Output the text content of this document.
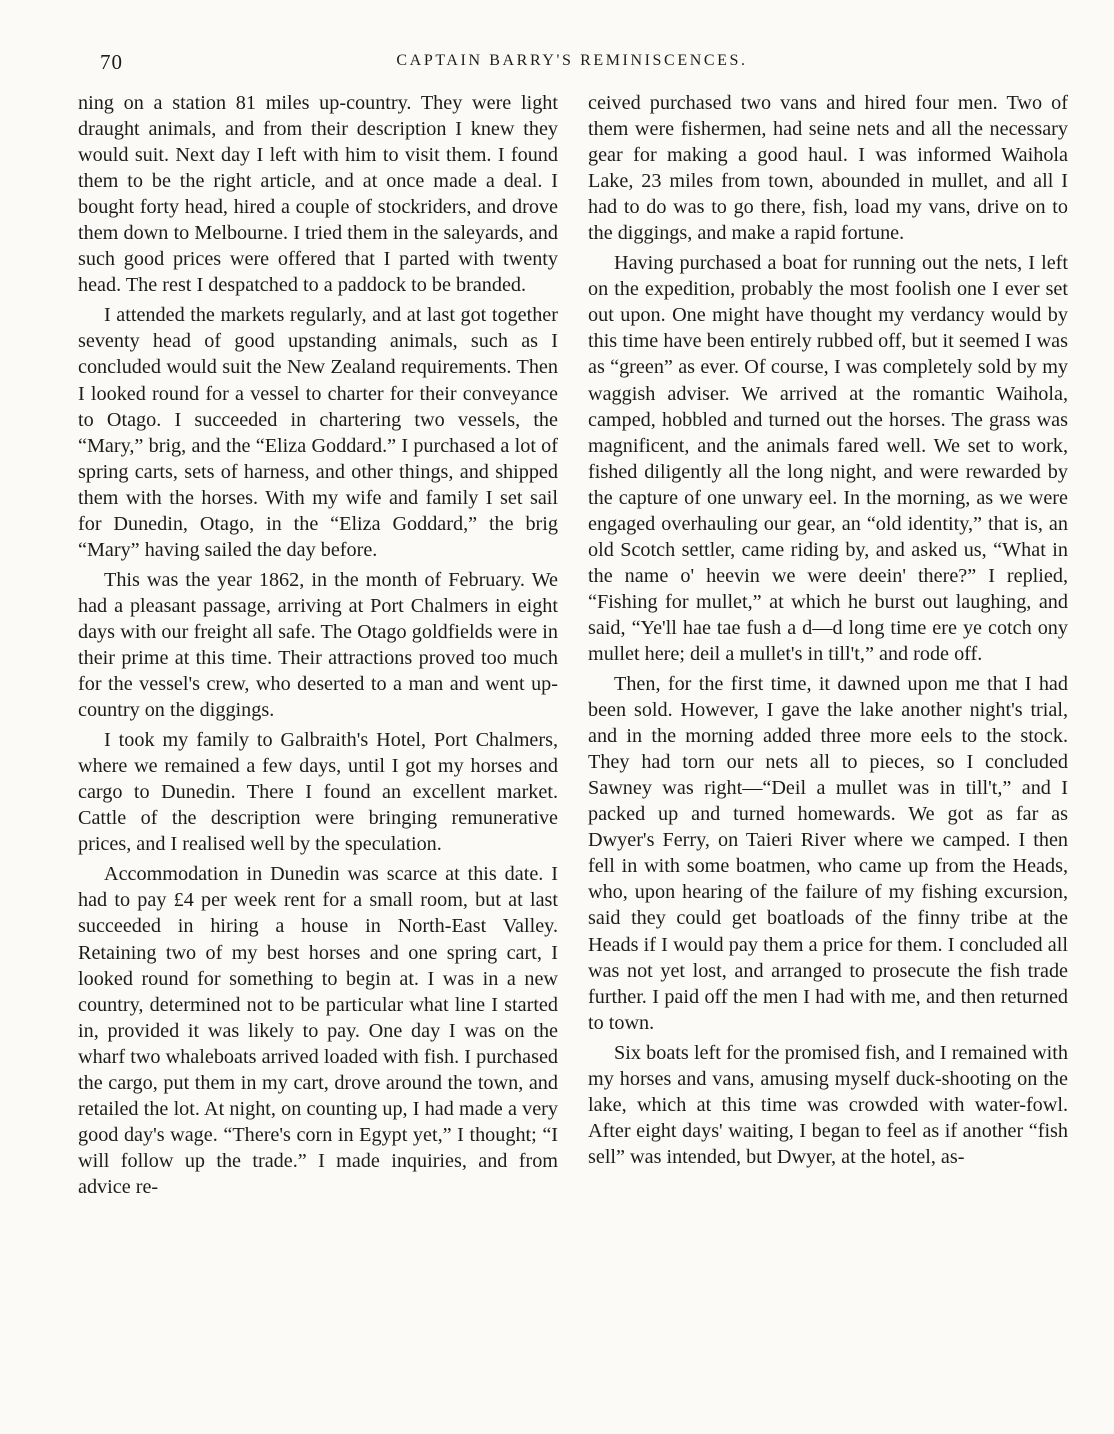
70	CAPTAIN BARRY'S REMINISCENCES.

ning on a station 81 miles up-country. They were light draught animals, and from their description I knew they would suit. Next day I left with him to visit them. I found them to be the right article, and at once made a deal. I bought forty head, hired a couple of stockriders, and drove them down to Melbourne. I tried them in the saleyards, and such good prices were offered that I parted with twenty head. The rest I despatched to a paddock to be branded.

I attended the markets regularly, and at last got together seventy head of good upstanding animals, such as I concluded would suit the New Zealand requirements. Then I looked round for a vessel to charter for their conveyance to Otago. I succeeded in chartering two vessels, the “Mary,” brig, and the “Eliza Goddard.” I purchased a lot of spring carts, sets of harness, and other things, and shipped them with the horses. With my wife and family I set sail for Dunedin, Otago, in the “Eliza Goddard,” the brig “Mary” having sailed the day before.

This was the year 1862, in the month of February. We had a pleasant passage, arriving at Port Chalmers in eight days with our freight all safe. The Otago goldfields were in their prime at this time. Their attractions proved too much for the vessel's crew, who deserted to a man and went up-country on the diggings.

I took my family to Galbraith's Hotel, Port Chalmers, where we remained a few days, until I got my horses and cargo to Dunedin. There I found an excellent market. Cattle of the description were bringing remunerative prices, and I realised well by the speculation.

Accommodation in Dunedin was scarce at this date. I had to pay £4 per week rent for a small room, but at last succeeded in hiring a house in North-East Valley. Retaining two of my best horses and one spring cart, I looked round for something to begin at. I was in a new country, determined not to be particular what line I started in, provided it was likely to pay. One day I was on the wharf two whaleboats arrived loaded with fish. I purchased the cargo, put them in my cart, drove around the town, and retailed the lot. At night, on counting up, I had made a very good day's wage. “There's corn in Egypt yet,” I thought; “I will follow up the trade.” I made inquiries, and from advice re-

ceived purchased two vans and hired four men. Two of them were fishermen, had seine nets and all the necessary gear for making a good haul. I was informed Waihola Lake, 23 miles from town, abounded in mullet, and all I had to do was to go there, fish, load my vans, drive on to the diggings, and make a rapid fortune.

Having purchased a boat for running out the nets, I left on the expedition, probably the most foolish one I ever set out upon. One might have thought my verdancy would by this time have been entirely rubbed off, but it seemed I was as “green” as ever. Of course, I was completely sold by my waggish adviser. We arrived at the romantic Waihola, camped, hobbled and turned out the horses. The grass was magnificent, and the animals fared well. We set to work, fished diligently all the long night, and were rewarded by the capture of one unwary eel. In the morning, as we were engaged overhauling our gear, an “old identity,” that is, an old Scotch settler, came riding by, and asked us, “What in the name o' heevin we were deein' there?” I replied, “Fishing for mullet,” at which he burst out laughing, and said, “Ye'll hae tae fush a d—d long time ere ye cotch ony mullet here; deil a mullet's in till't,” and rode off.

Then, for the first time, it dawned upon me that I had been sold. However, I gave the lake another night's trial, and in the morning added three more eels to the stock. They had torn our nets all to pieces, so I concluded Sawney was right—“Deil a mullet was in till't,” and I packed up and turned homewards. We got as far as Dwyer's Ferry, on Taieri River where we camped. I then fell in with some boatmen, who came up from the Heads, who, upon hearing of the failure of my fishing excursion, said they could get boatloads of the finny tribe at the Heads if I would pay them a price for them. I concluded all was not yet lost, and arranged to prosecute the fish trade further. I paid off the men I had with me, and then returned to town.

Six boats left for the promised fish, and I remained with my horses and vans, amusing myself duck-shooting on the lake, which at this time was crowded with water-fowl. After eight days' waiting, I began to feel as if another “fish sell” was intended, but Dwyer, at the hotel, as-
